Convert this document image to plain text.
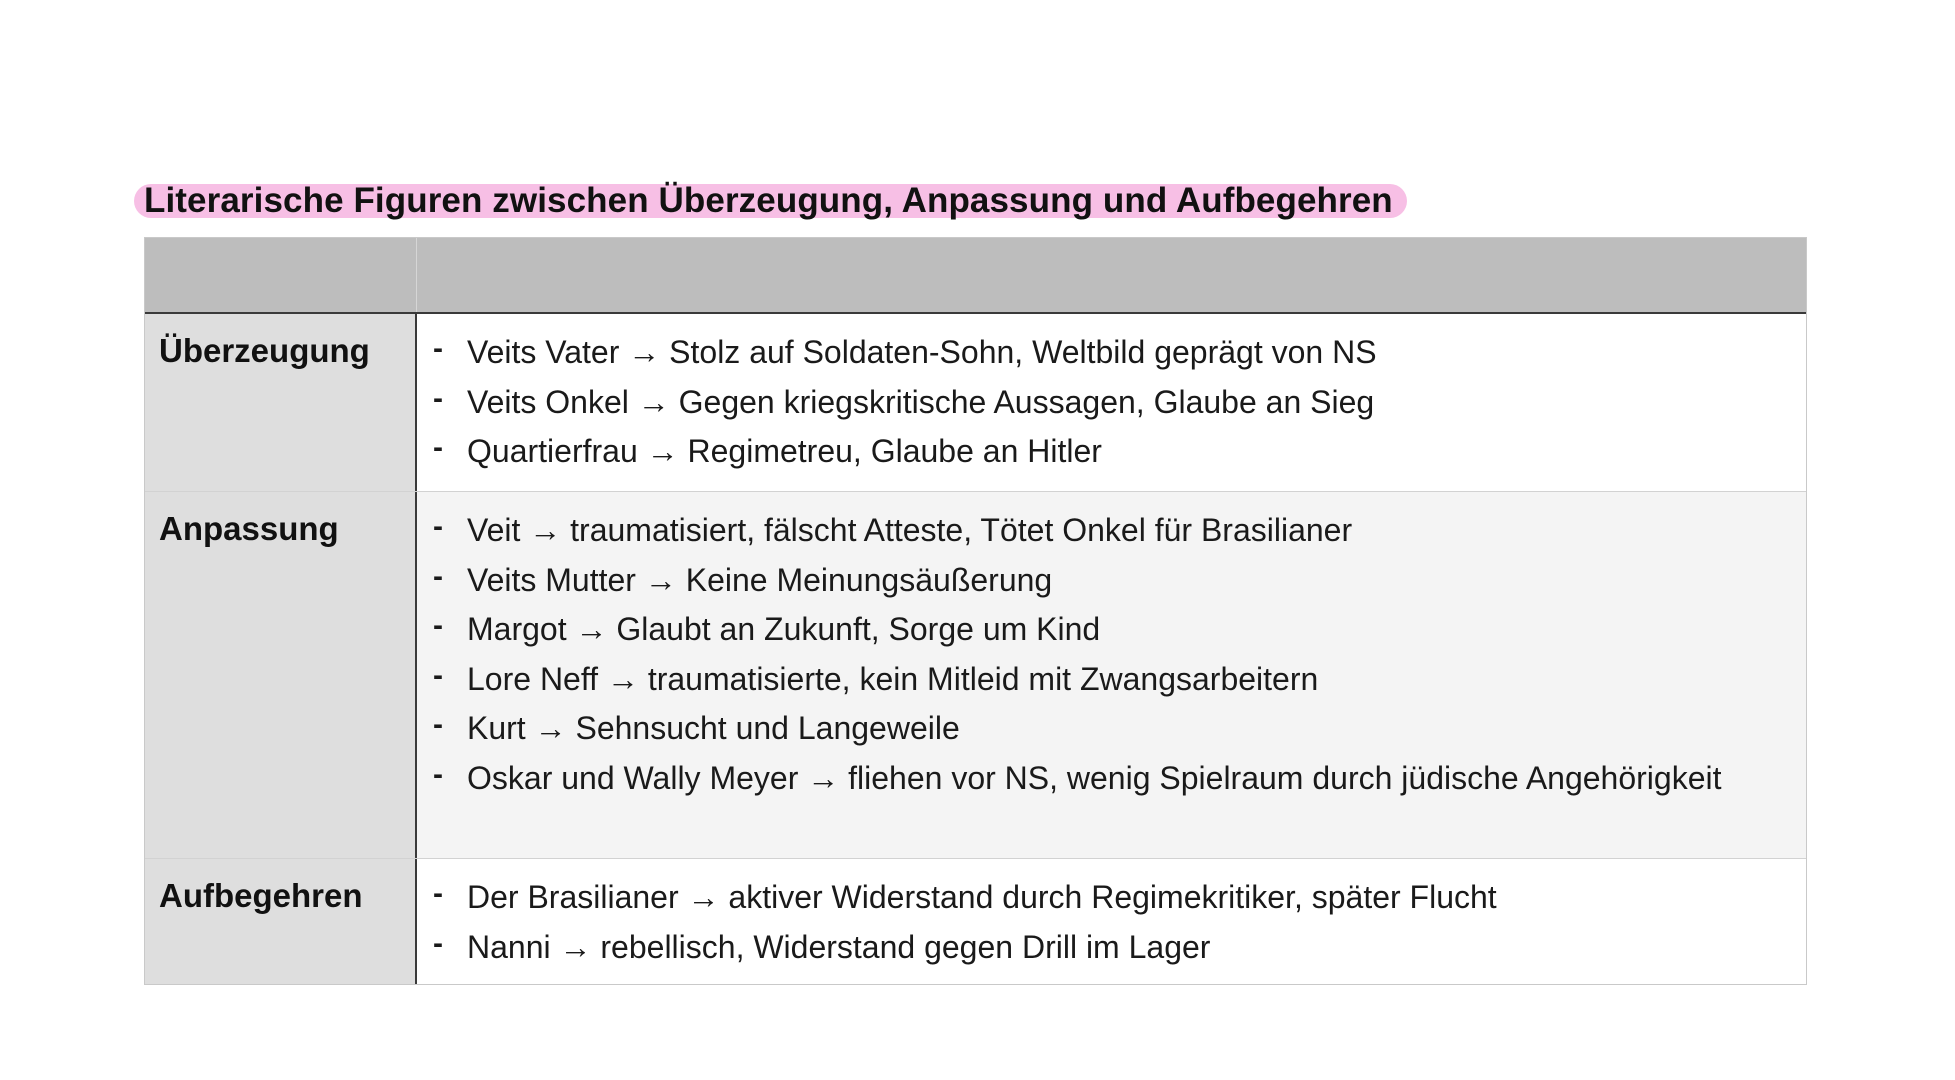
Literarische Figuren zwischen Überzeugung, Anpassung und Aufbegehren
Überzeugung	- Veits Vater → Stolz auf Soldaten-Sohn, Weltbild geprägt von NS
- Veits Onkel → Gegen kriegskritische Aussagen, Glaube an Sieg
- Quartierfrau → Regimetreu, Glaube an Hitler
Anpassung	- Veit → traumatisiert, fälscht Atteste, Tötet Onkel für Brasilianer
- Veits Mutter → Keine Meinungsäußerung
- Margot → Glaubt an Zukunft, Sorge um Kind
- Lore Neff → traumatisierte, kein Mitleid mit Zwangsarbeitern
- Kurt → Sehnsucht und Langeweile
- Oskar und Wally Meyer → fliehen vor NS, wenig Spielraum durch jüdische Angehörigkeit
Aufbegehren	- Der Brasilianer → aktiver Widerstand durch Regimekritiker, später Flucht
- Nanni → rebellisch, Widerstand gegen Drill im Lager
